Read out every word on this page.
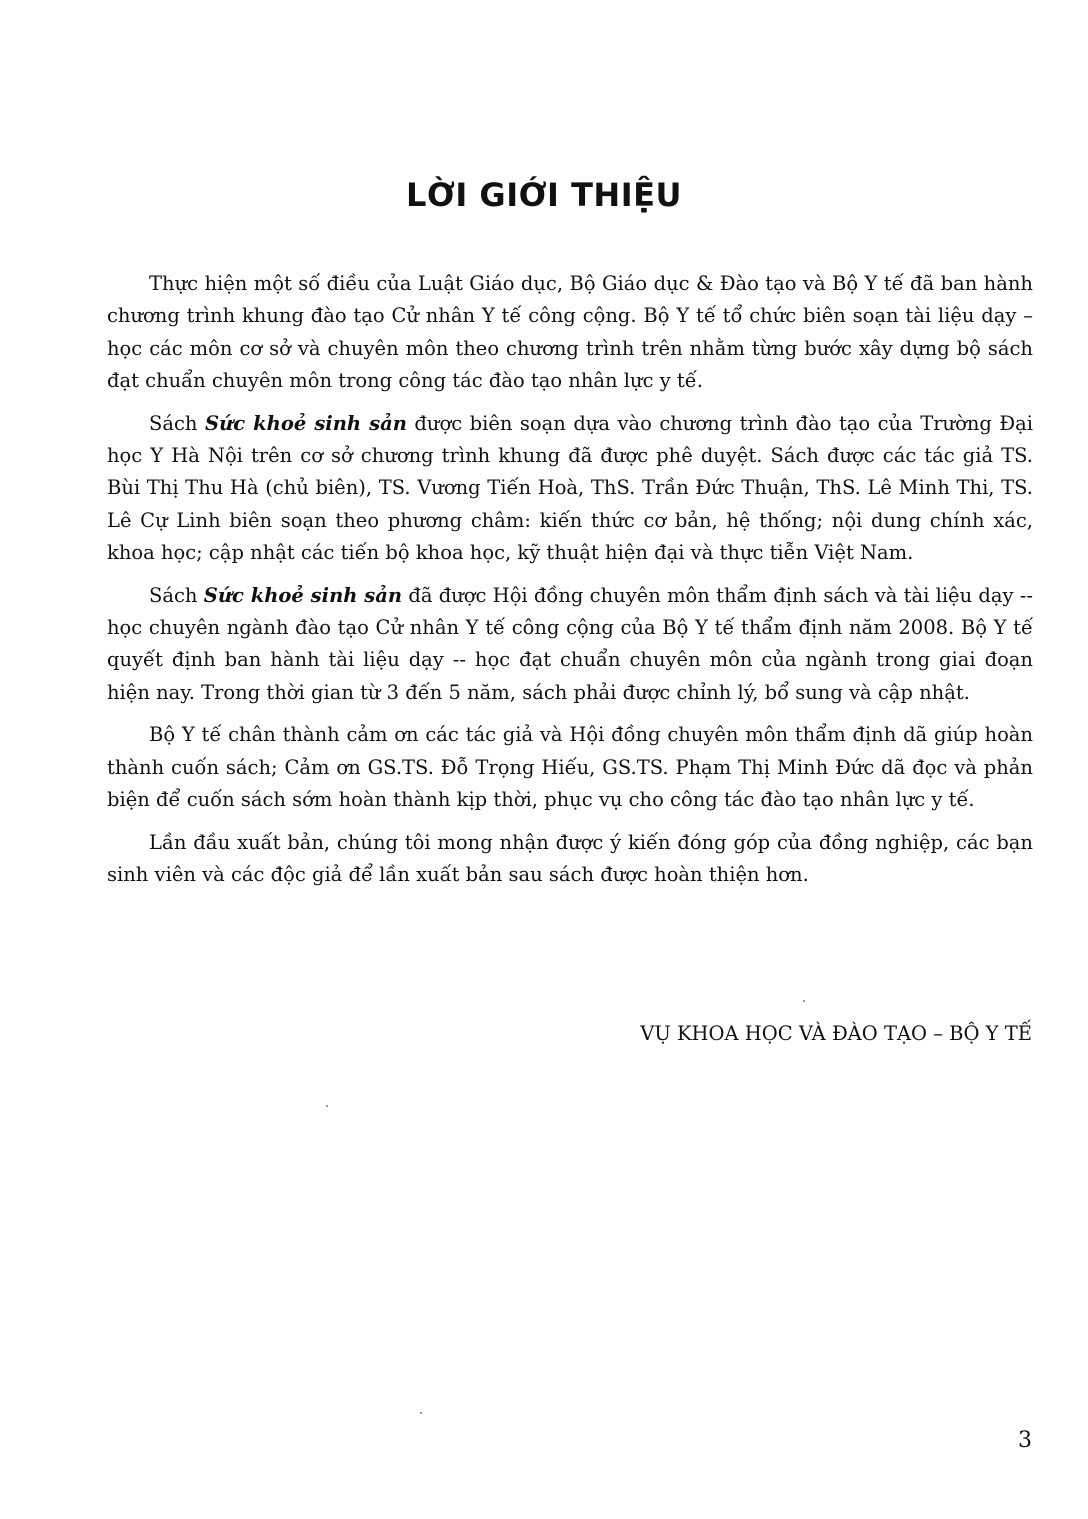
LỜI GIỚI THIỆU

Thực hiện một số điều của Luật Giáo dục, Bộ Giáo dục & Đào tạo và Bộ Y tế đã ban hành chương trình khung đào tạo Cử nhân Y tế công cộng. Bộ Y tế tổ chức biên soạn tài liệu dạy – học các môn cơ sở và chuyên môn theo chương trình trên nhằm từng bước xây dựng bộ sách đạt chuẩn chuyên môn trong công tác đào tạo nhân lực y tế.

Sách Sức khoẻ sinh sản được biên soạn dựa vào chương trình đào tạo của Trường Đại học Y Hà Nội trên cơ sở chương trình khung đã được phê duyệt. Sách được các tác giả TS. Bùi Thị Thu Hà (chủ biên), TS. Vương Tiến Hoà, ThS. Trần Đức Thuận, ThS. Lê Minh Thi, TS. Lê Cự Linh biên soạn theo phương châm: kiến thức cơ bản, hệ thống; nội dung chính xác, khoa học; cập nhật các tiến bộ khoa học, kỹ thuật hiện đại và thực tiễn Việt Nam.

Sách Sức khoẻ sinh sản đã được Hội đồng chuyên môn thẩm định sách và tài liệu dạy -- học chuyên ngành đào tạo Cử nhân Y tế công cộng của Bộ Y tế thẩm định năm 2008. Bộ Y tế quyết định ban hành tài liệu dạy -- học đạt chuẩn chuyên môn của ngành trong giai đoạn hiện nay. Trong thời gian từ 3 đến 5 năm, sách phải được chỉnh lý, bổ sung và cập nhật.

Bộ Y tế chân thành cảm ơn các tác giả và Hội đồng chuyên môn thẩm định dã giúp hoàn thành cuốn sách; Cảm ơn GS.TS. Đỗ Trọng Hiếu, GS.TS. Phạm Thị Minh Đức dã đọc và phản biện để cuốn sách sớm hoàn thành kịp thời, phục vụ cho công tác đào tạo nhân lực y tế.

Lần đầu xuất bản, chúng tôi mong nhận được ý kiến đóng góp của đồng nghiệp, các bạn sinh viên và các độc giả để lần xuất bản sau sách được hoàn thiện hơn.

VỤ KHOA HỌC VÀ ĐÀO TẠO – BỘ Y TẾ

3
